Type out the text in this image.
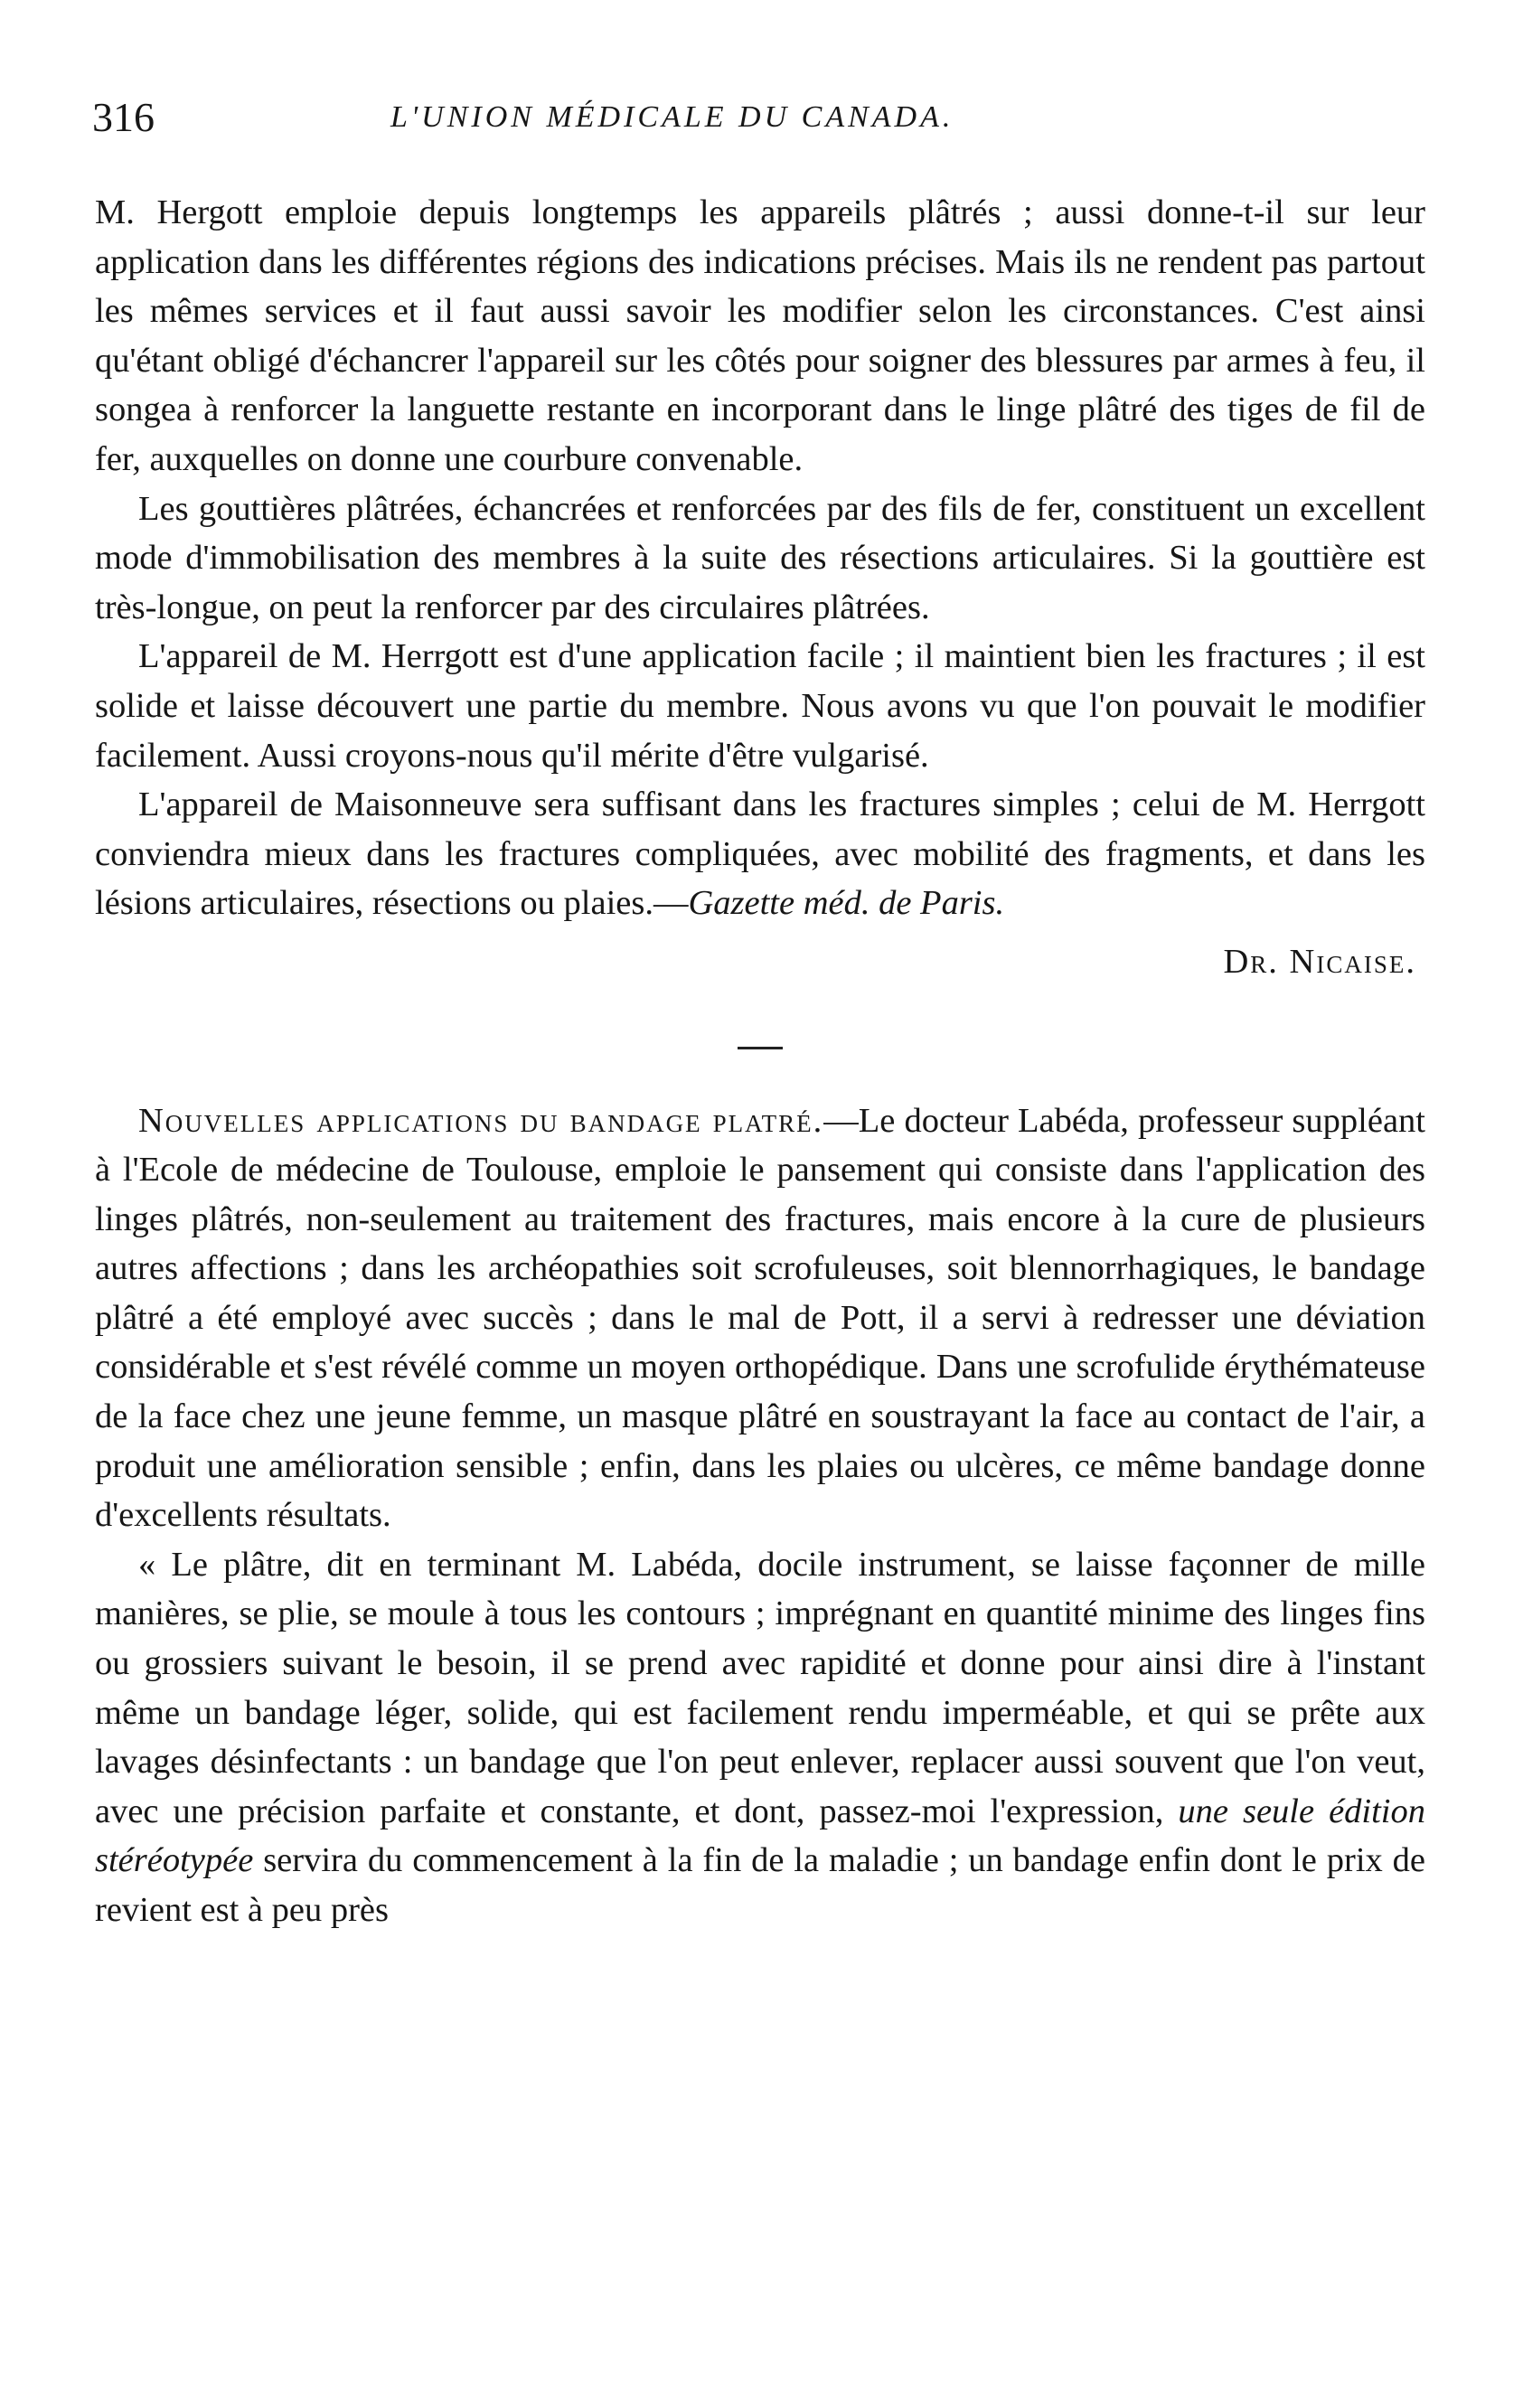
316	L'UNION MÉDICALE DU CANADA.

M. Hergott emploie depuis longtemps les appareils plâtrés ; aussi donne-t-il sur leur application dans les différentes régions des indications précises. Mais ils ne rendent pas partout les mêmes services et il faut aussi savoir les modifier selon les circonstances. C'est ainsi qu'étant obligé d'échancrer l'appareil sur les côtés pour soigner des blessures par armes à feu, il songea à renforcer la languette restante en incorporant dans le linge plâtré des tiges de fil de fer, auxquelles on donne une courbure convenable.

Les gouttières plâtrées, échancrées et renforcées par des fils de fer, constituent un excellent mode d'immobilisation des membres à la suite des résections articulaires. Si la gouttière est très-longue, on peut la renforcer par des circulaires plâtrées.

L'appareil de M. Herrgott est d'une application facile ; il maintient bien les fractures ; il est solide et laisse découvert une partie du membre. Nous avons vu que l'on pouvait le modifier facilement. Aussi croyons-nous qu'il mérite d'être vulgarisé.

L'appareil de Maisonneuve sera suffisant dans les fractures simples ; celui de M. Herrgott conviendra mieux dans les fractures compliquées, avec mobilité des fragments, et dans les lésions articulaires, résections ou plaies.—Gazette méd. de Paris.

Dr. Nicaise.

Nouvelles applications du bandage platré.—Le docteur Labéda, professeur suppléant à l'Ecole de médecine de Toulouse, emploie le pansement qui consiste dans l'application des linges plâtrés, non-seulement au traitement des fractures, mais encore à la cure de plusieurs autres affections ; dans les archéopathies soit scrofuleuses, soit blennorrhagiques, le bandage plâtré a été employé avec succès ; dans le mal de Pott, il a servi à redresser une déviation considérable et s'est révélé comme un moyen orthopédique. Dans une scrofulide érythémateuse de la face chez une jeune femme, un masque plâtré en soustrayant la face au contact de l'air, a produit une amélioration sensible ; enfin, dans les plaies ou ulcères, ce même bandage donne d'excellents résultats.

« Le plâtre, dit en terminant M. Labéda, docile instrument, se laisse façonner de mille manières, se plie, se moule à tous les contours ; imprégnant en quantité minime des linges fins ou grossiers suivant le besoin, il se prend avec rapidité et donne pour ainsi dire à l'instant même un bandage léger, solide, qui est facilement rendu imperméable, et qui se prête aux lavages désinfectants : un bandage que l'on peut enlever, replacer aussi souvent que l'on veut, avec une précision parfaite et constante, et dont, passez-moi l'expression, une seule édition stéréotypée servira du commencement à la fin de la maladie ; un bandage enfin dont le prix de revient est à peu près
